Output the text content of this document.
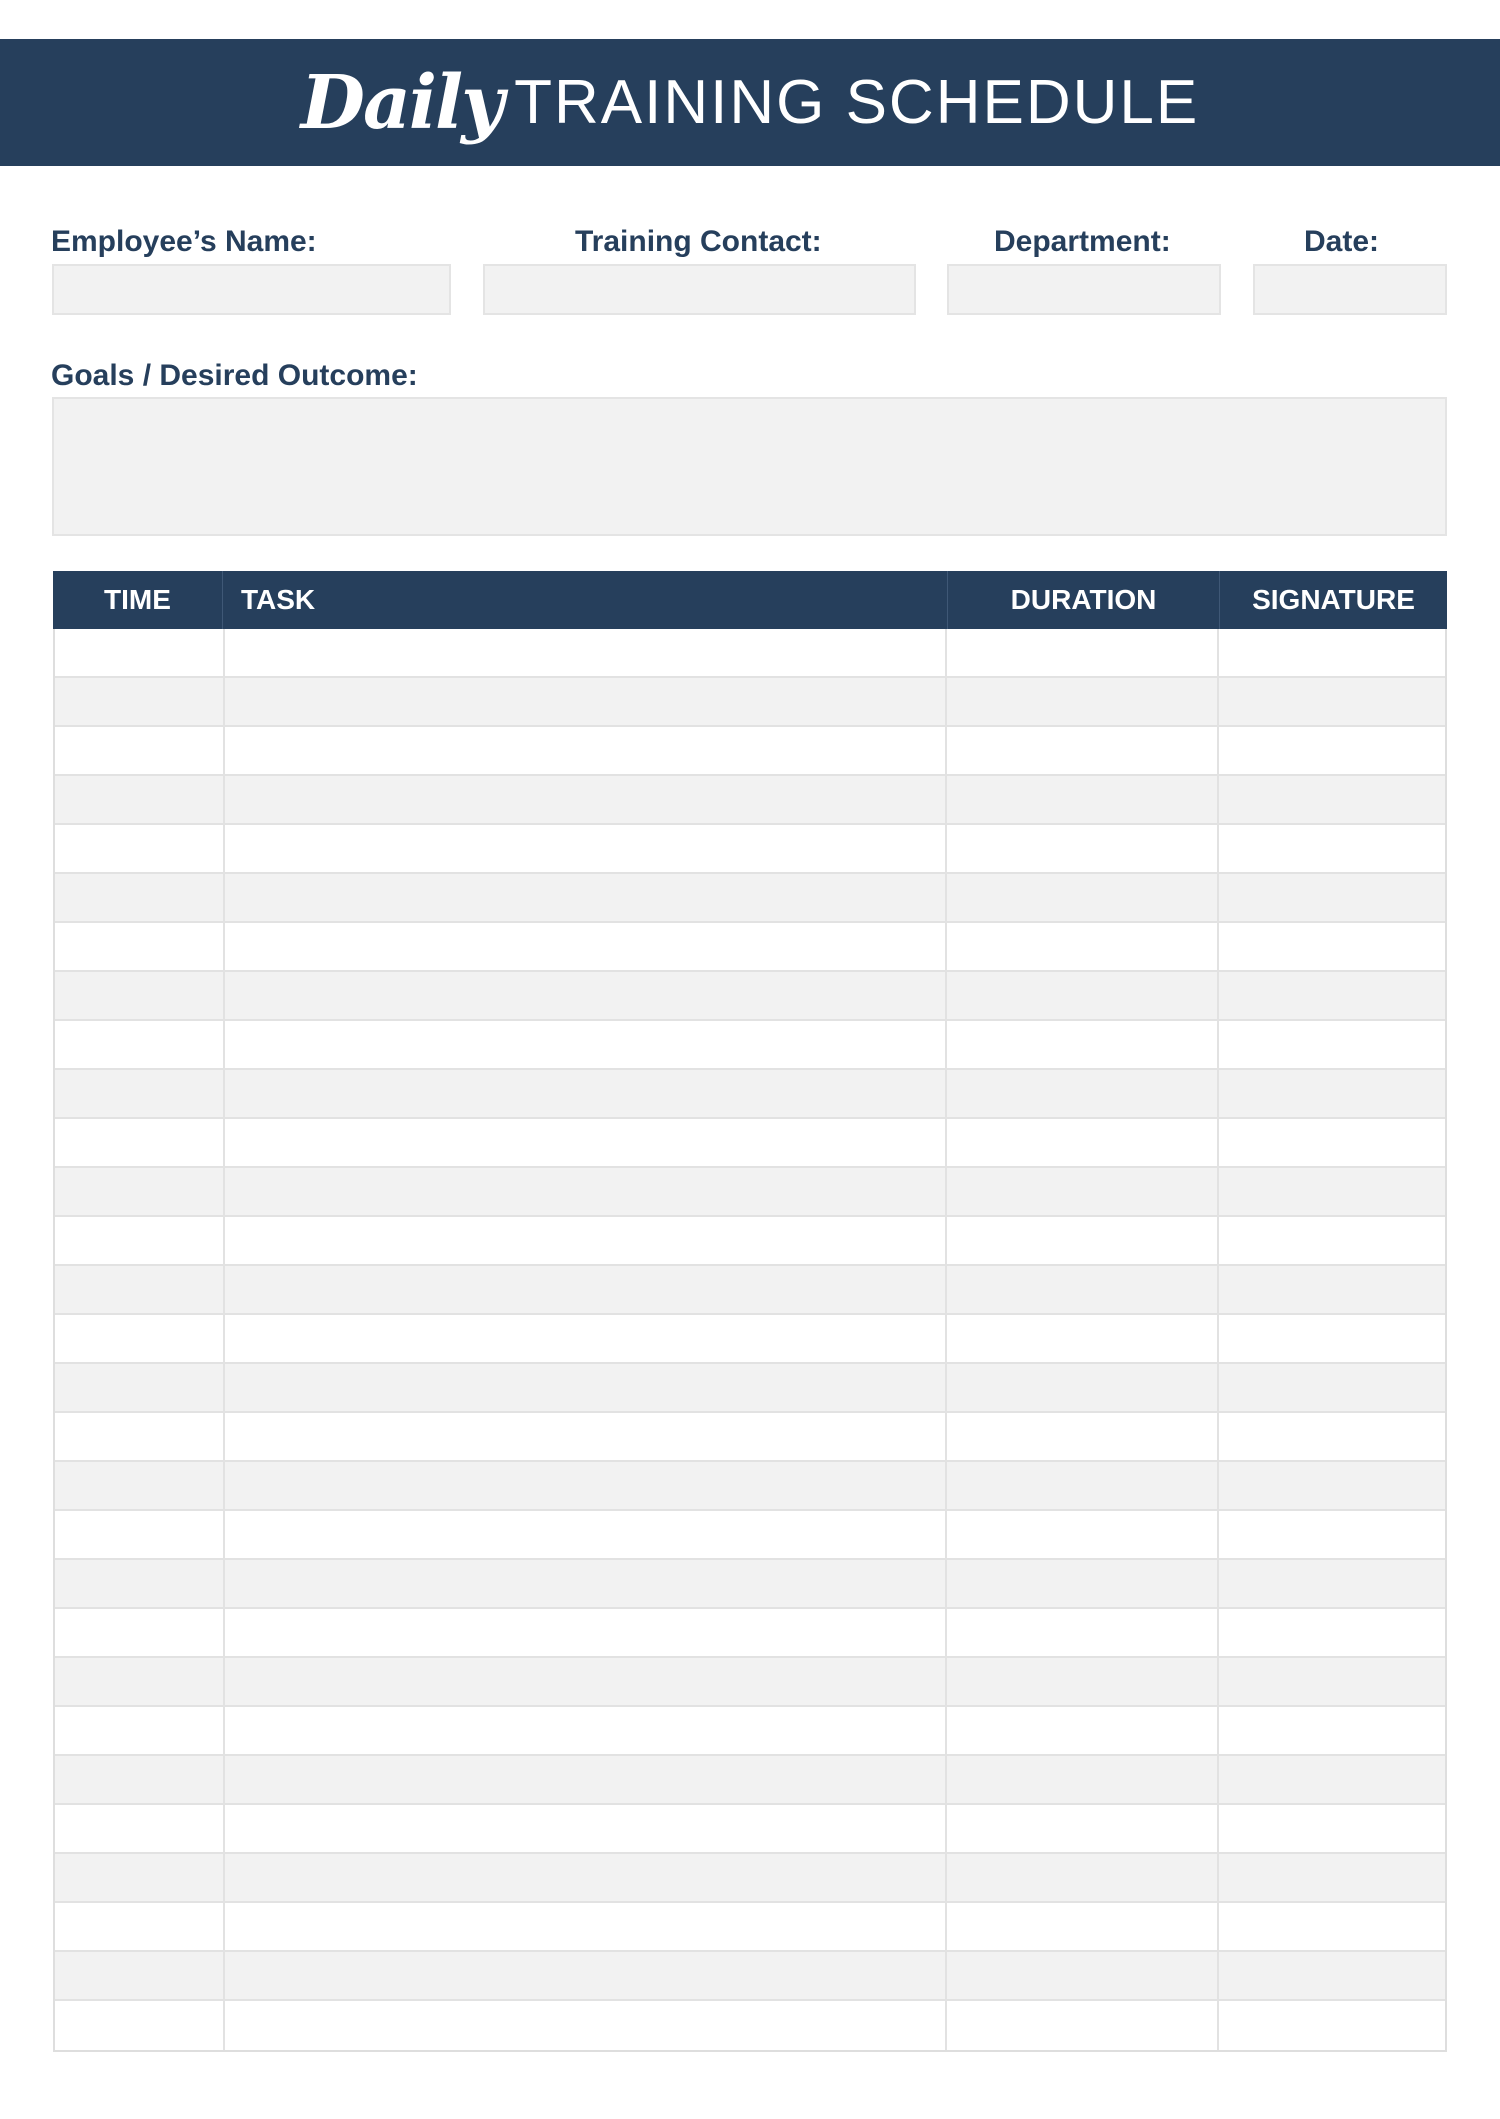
Daily TRAINING SCHEDULE
Employee’s Name:	Training Contact:	Department:	Date:
Goals / Desired Outcome:
TIME	TASK	DURATION	SIGNATURE
